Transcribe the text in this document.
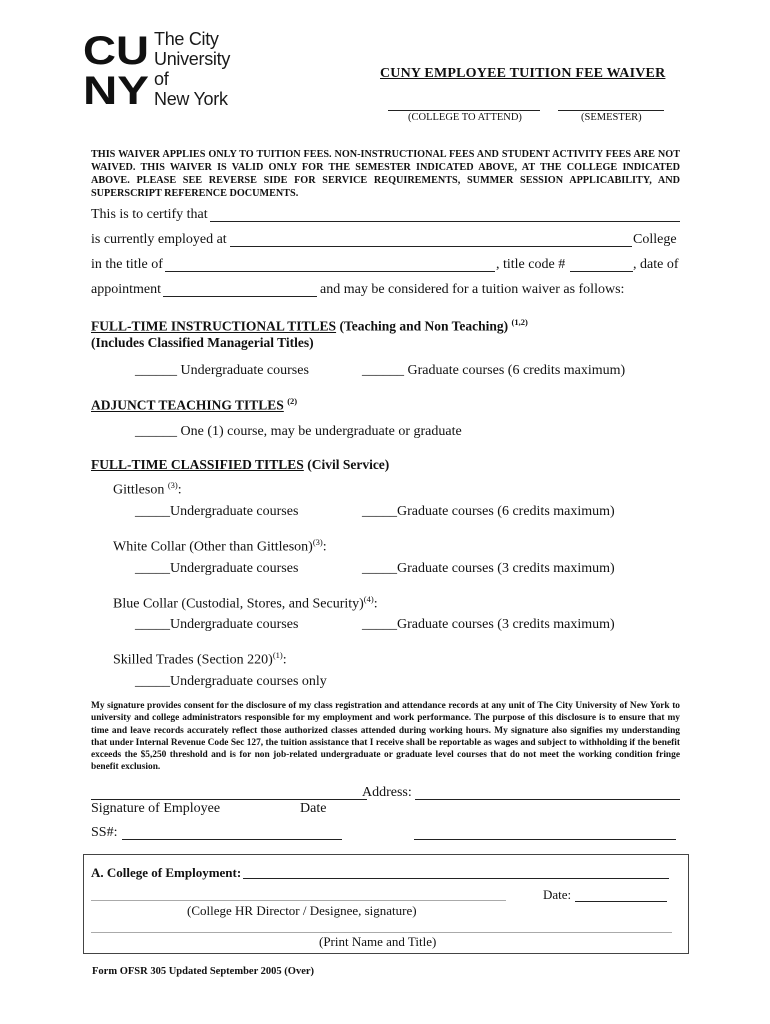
CU
NY
The City
University
of
New York
CUNY EMPLOYEE TUITION FEE WAIVER
(COLLEGE TO ATTEND)	(SEMESTER)
THIS WAIVER APPLIES ONLY TO TUITION FEES. NON-INSTRUCTIONAL FEES AND STUDENT ACTIVITY FEES ARE NOT WAIVED. THIS WAIVER IS VALID ONLY FOR THE SEMESTER INDICATED ABOVE, AT THE COLLEGE INDICATED ABOVE. PLEASE SEE REVERSE SIDE FOR SERVICE REQUIREMENTS, SUMMER SESSION APPLICABILITY, AND SUPERSCRIPT REFERENCE DOCUMENTS.
This is to certify that
is currently employed at	College
in the title of	, title code #	, date of
appointment	and may be considered for a tuition waiver as follows:
FULL-TIME INSTRUCTIONAL TITLES (Teaching and Non Teaching) $^{(1,2)}$
(Includes Classified Managerial Titles)
______ Undergraduate courses	______ Graduate courses (6 credits maximum)
ADJUNCT TEACHING TITLES $^{(2)}$
______ One (1) course, may be undergraduate or graduate
FULL-TIME CLASSIFIED TITLES (Civil Service)
Gittleson $^{(3)}$:
_____Undergraduate courses	_____Graduate courses (6 credits maximum)
White Collar (Other than Gittleson)$^{(3)}$:
_____Undergraduate courses	_____Graduate courses (3 credits maximum)
Blue Collar (Custodial, Stores, and Security)$^{(4)}$:
_____Undergraduate courses	_____Graduate courses (3 credits maximum)
Skilled Trades (Section 220)$^{(1)}$:
_____Undergraduate courses only
My signature provides consent for the disclosure of my class registration and attendance records at any unit of The City University of New York to university and college administrators responsible for my employment and work performance. The purpose of this disclosure is to ensure that my time and leave records accurately reflect those authorized classes attended during working hours. My signature also signifies my understanding that under Internal Revenue Code Sec 127, the tuition assistance that I receive shall be reportable as wages and subject to withholding if the benefit exceeds the $5,250 threshold and is for non job-related undergraduate or graduate level courses that do not meet the working condition fringe benefit exclusion.
Signature of Employee	Date
Address:
SS#:
A. College of Employment:
Date:
(College HR Director / Designee, signature)
(Print Name and Title)
Form OFSR 305 Updated September 2005 (Over)
